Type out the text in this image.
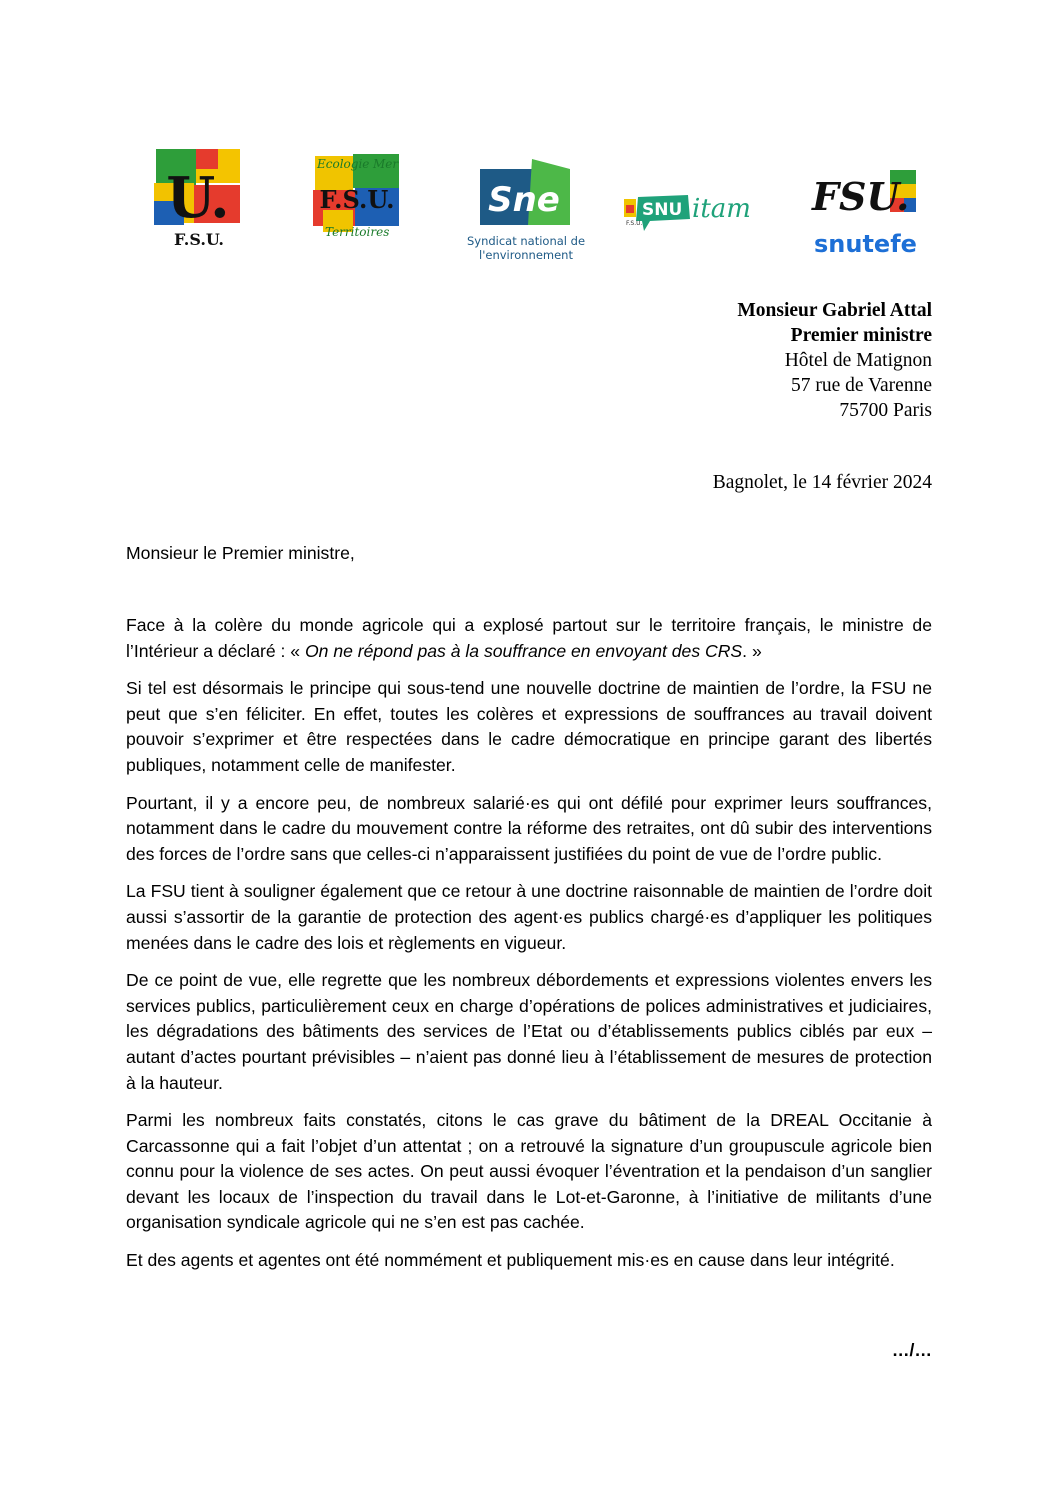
U.
F.S.U.
Ecologie Mer
F.S.U.
Territoires
Sne
Syndicat national de
l'environnement
F.S.U.
SNU itam FSU.
snutefe
Monsieur Gabriel Attal
Premier ministre
Hôtel de Matignon
57 rue de Varenne
75700 Paris
Bagnolet, le 14 février 2024
Monsieur le Premier ministre,

Face à la colère du monde agricole qui a explosé partout sur le territoire français, le ministre de l’Intérieur a déclaré : « On ne répond pas à la souffrance en envoyant des CRS. »

Si tel est désormais le principe qui sous-tend une nouvelle doctrine de maintien de l’ordre, la FSU ne peut que s’en féliciter. En effet, toutes les colères et expressions de souffrances au travail doivent pouvoir s’exprimer et être respectées dans le cadre démocratique en principe garant des libertés publiques, notamment celle de manifester.

Pourtant, il y a encore peu, de nombreux salarié·es qui ont défilé pour exprimer leurs souffrances, notamment dans le cadre du mouvement contre la réforme des retraites, ont dû subir des interventions des forces de l’ordre sans que celles-ci n’apparaissent justifiées du point de vue de l’ordre public.

La FSU tient à souligner également que ce retour à une doctrine raisonnable de maintien de l’ordre doit aussi s’assortir de la garantie de protection des agent·es publics chargé·es d’appliquer les politiques menées dans le cadre des lois et règlements en vigueur.

De ce point de vue, elle regrette que les nombreux débordements et expressions violentes envers les services publics, particulièrement ceux en charge d’opérations de polices administratives et judiciaires, les dégradations des bâtiments des services de l’Etat ou d’établissements publics ciblés par eux – autant d’actes pourtant prévisibles – n’aient pas donné lieu à l’établissement de mesures de protection à la hauteur.

Parmi les nombreux faits constatés, citons le cas grave du bâtiment de la DREAL Occitanie à Carcassonne qui a fait l’objet d’un attentat ; on a retrouvé la signature d’un groupuscule agricole bien connu pour la violence de ses actes. On peut aussi évoquer l’éventration et la pendaison d’un sanglier devant les locaux de l’inspection du travail dans le Lot-et-Garonne, à l’initiative de militants d’une organisation syndicale agricole qui ne s’en est pas cachée.

Et des agents et agentes ont été nommément et publiquement mis·es en cause dans leur intégrité.

…/…
